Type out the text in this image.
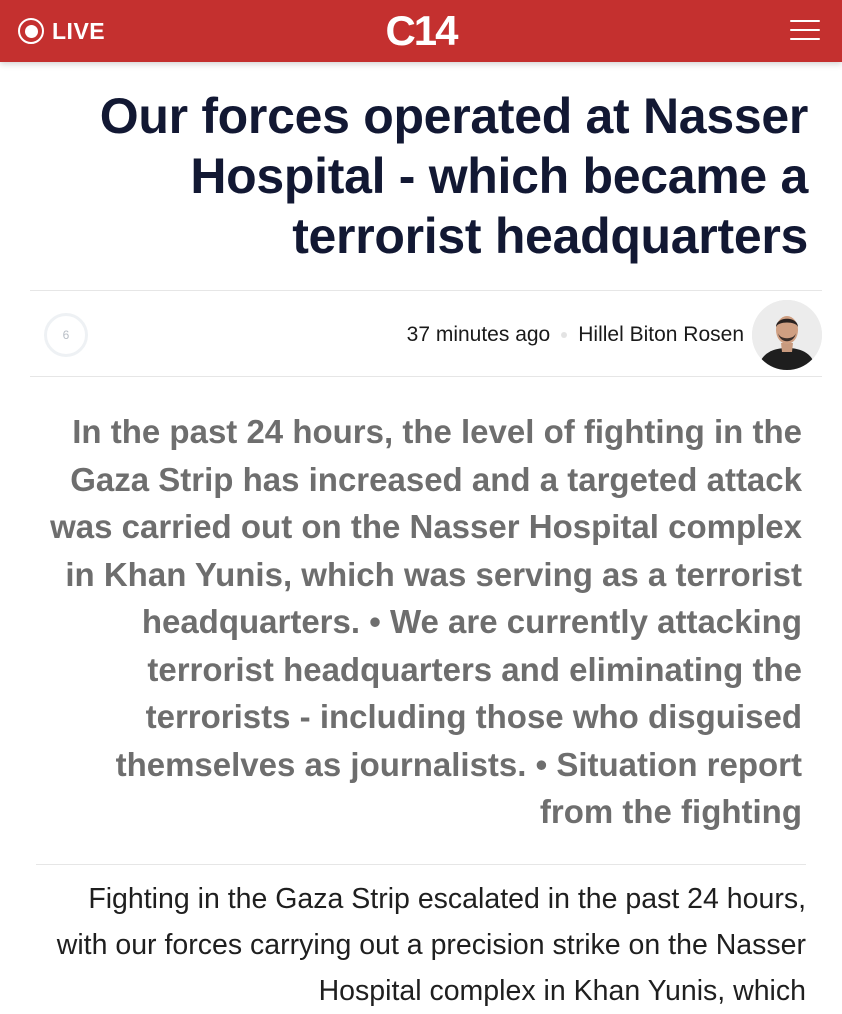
LIVE	C14
Our forces operated at Nasser Hospital - which became a terrorist headquarters
6	37 minutes ago Hillel Biton Rosen

In the past 24 hours, the level of fighting in the Gaza Strip has increased and a targeted attack was carried out on the Nasser Hospital complex in Khan Yunis, which was serving as a terrorist headquarters. • We are currently attacking terrorist headquarters and eliminating the terrorists - including those who disguised themselves as journalists. • Situation report from the fighting

Fighting in the Gaza Strip escalated in the past 24 hours, with our forces carrying out a precision strike on the Nasser Hospital complex in Khan Yunis, which
